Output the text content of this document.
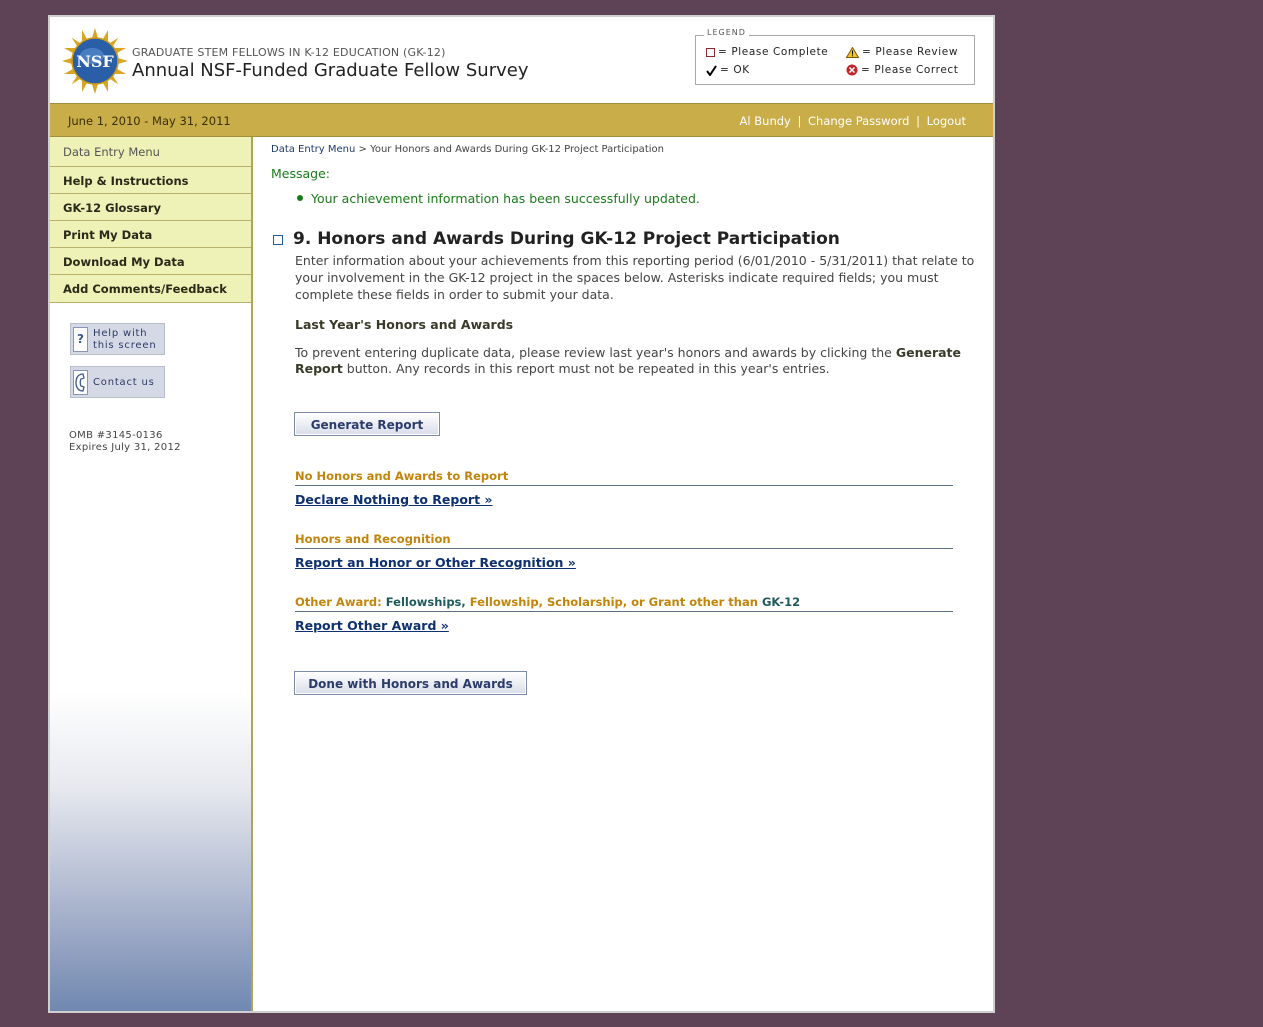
NSF GRADUATE STEM FELLOWS IN K-12 EDUCATION (GK-12)
Annual NSF-Funded Graduate Fellow Survey
LEGEND
= Please Complete	= Please Review
= OK	= Please Correct
June 1, 2010 - May 31, 2011	Al Bundy | Change Password | Logout
Data Entry Menu
Help & Instructions
GK-12 Glossary
Print My Data
Download My Data
Add Comments/Feedback
? Help with
this screen
Contact us
OMB #3145-0136
Expires July 31, 2012
Data Entry Menu > Your Honors and Awards During GK-12 Project Participation
Message:
Your achievement information has been successfully updated.
9. Honors and Awards During GK-12 Project Participation
Enter information about your achievements from this reporting period (6/01/2010 - 5/31/2011) that relate to your involvement in the GK-12 project in the spaces below. Asterisks indicate required fields; you must complete these fields in order to submit your data.
Last Year's Honors and Awards
To prevent entering duplicate data, please review last year's honors and awards by clicking the Generate Report button. Any records in this report must not be repeated in this year's entries.
Generate Report
No Honors and Awards to Report
Declare Nothing to Report »
Honors and Recognition
Report an Honor or Other Recognition »
Other Award: Fellowships, Fellowship, Scholarship, or Grant other than GK-12
Report Other Award »
Done with Honors and Awards
